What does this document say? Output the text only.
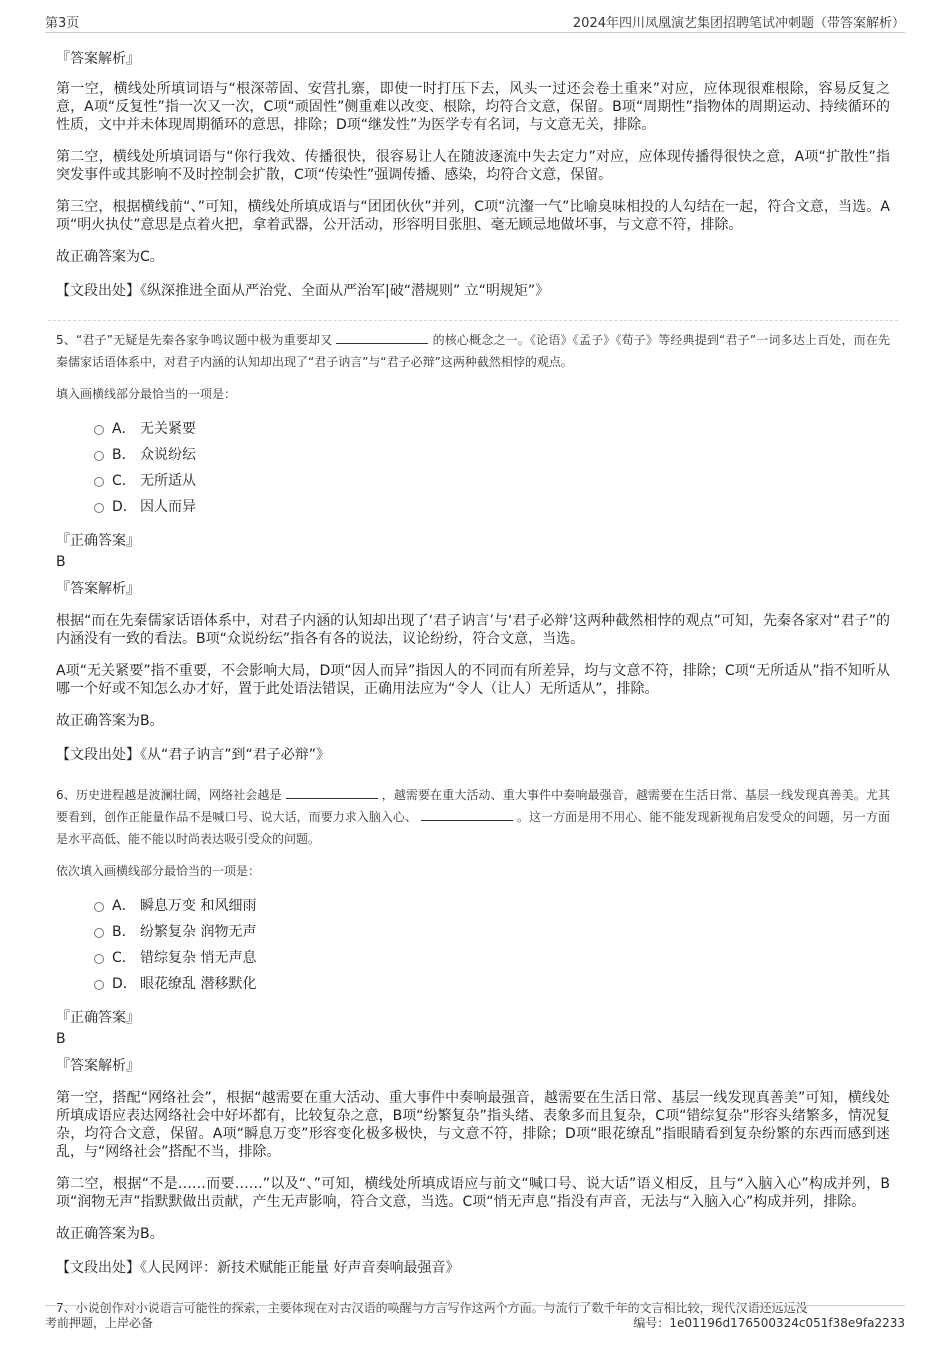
第3页	2024年四川凤凰演艺集团招聘笔试冲刺题（带答案解析）
『答案解析』

第一空，横线处所填词语与“根深蒂固、安营扎寨，即使一时打压下去，风头一过还会卷土重来”对应，应体现很难根除，容易反复之意，A项“反复性”指一次又一次，C项“顽固性”侧重难以改变、根除，均符合文意，保留。B项“周期性”指物体的周期运动、持续循环的性质，文中并未体现周期循环的意思，排除；D项“继发性”为医学专有名词，与文意无关，排除。

第二空，横线处所填词语与“你行我效、传播很快，很容易让人在随波逐流中失去定力”对应，应体现传播得很快之意，A项“扩散性”指突发事件或其影响不及时控制会扩散，C项“传染性”强调传播、感染，均符合文意，保留。

第三空，根据横线前“、”可知，横线处所填成语与“团团伙伙”并列，C项“沆瀣一气”比喻臭味相投的人勾结在一起，符合文意，当选。A项“明火执仗”意思是点着火把，拿着武器，公开活动，形容明目张胆、毫无顾忌地做坏事，与文意不符，排除。

故正确答案为C。

【文段出处】《纵深推进全面从严治党、全面从严治军|破“潜规则” 立“明规矩”》
5、“君子”无疑是先秦各家争鸣议题中极为重要却又	的核心概念之一。《论语》《孟子》《荀子》等经典提到“君子”一词多达上百处，而在先秦儒家话语体系中，对君子内涵的认知却出现了“君子讷言”与“君子必辩”这两种截然相悖的观点。
填入画横线部分最恰当的一项是：
A． 无关紧要
B． 众说纷纭
C． 无所适从
D． 因人而异
『正确答案』
B
『答案解析』

根据“而在先秦儒家话语体系中，对君子内涵的认知却出现了‘君子讷言’与‘君子必辩’这两种截然相悖的观点”可知，先秦各家对“君子”的内涵没有一致的看法。B项“众说纷纭”指各有各的说法，议论纷纷，符合文意，当选。

A项“无关紧要”指不重要，不会影响大局，D项“因人而异”指因人的不同而有所差异，均与文意不符，排除；C项“无所适从”指不知听从哪一个好或不知怎么办才好，置于此处语法错误，正确用法应为“令人（让人）无所适从”，排除。

故正确答案为B。

【文段出处】《从“君子讷言”到“君子必辩”》
6、历史进程越是波澜壮阔，网络社会越是	，越需要在重大活动、重大事件中奏响最强音，越需要在生活日常、基层一线发现真善美。尤其要看到，创作正能量作品不是喊口号、说大话，而要力求入脑入心、	。这一方面是用不用心、能不能发现新视角启发受众的问题，另一方面是水平高低、能不能以时尚表达吸引受众的问题。
依次填入画横线部分最恰当的一项是：
A． 瞬息万变 和风细雨
B． 纷繁复杂 润物无声
C． 错综复杂 悄无声息
D． 眼花缭乱 潜移默化
『正确答案』
B
『答案解析』

第一空，搭配“网络社会”，根据“越需要在重大活动、重大事件中奏响最强音，越需要在生活日常、基层一线发现真善美”可知，横线处所填成语应表达网络社会中好坏都有，比较复杂之意，B项“纷繁复杂”指头绪、表象多而且复杂，C项“错综复杂”形容头绪繁多，情况复杂，均符合文意，保留。A项“瞬息万变”形容变化极多极快，与文意不符，排除；D项“眼花缭乱”指眼睛看到复杂纷繁的东西而感到迷乱，与“网络社会”搭配不当，排除。

第二空，根据“不是……而要……”以及“、”可知，横线处所填成语应与前文“喊口号、说大话”语义相反，且与“入脑入心”构成并列，B项“润物无声”指默默做出贡献，产生无声影响，符合文意，当选。C项“悄无声息”指没有声音，无法与“入脑入心”构成并列，排除。

故正确答案为B。

【文段出处】《人民网评：新技术赋能正能量 好声音奏响最强音》
7、小说创作对小说语言可能性的探索，主要体现在对古汉语的唤醒与方言写作这两个方面。与流行了数千年的文言相比较，现代汉语还远远没
考前押题，上岸必备	编号：1e01196d176500324c051f38e9fa2233
